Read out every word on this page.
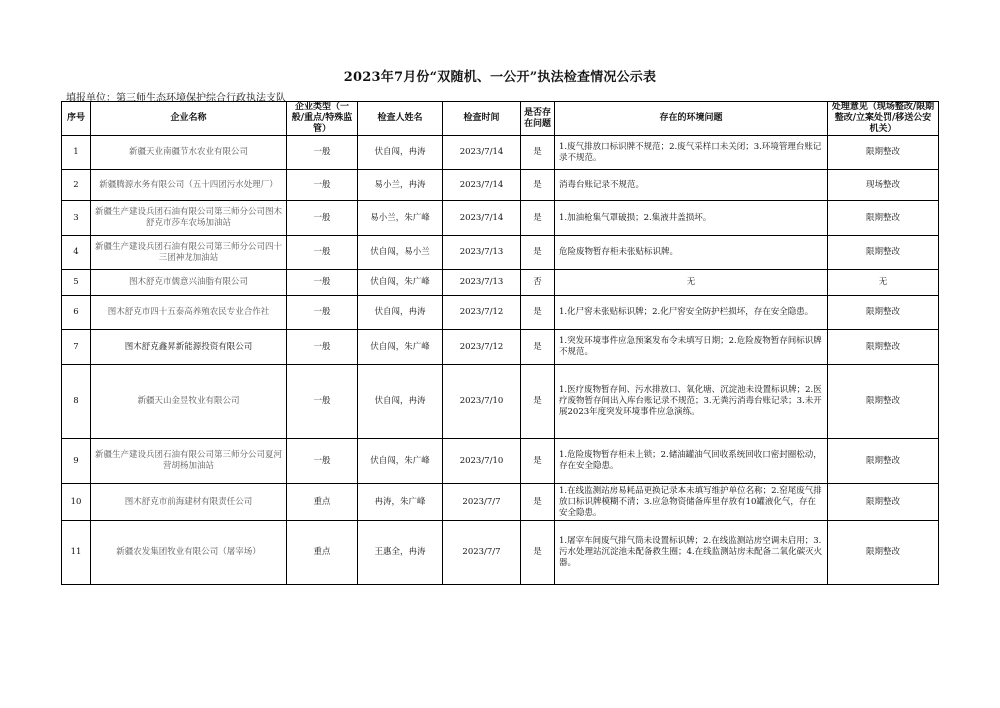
2023年7月份“双随机、一公开”执法检查情况公示表
填报单位：第三师生态环境保护综合行政执法支队
序号	企业名称	企业类型（一般/重点/特殊监管）	检查人姓名	检查时间	是否存在问题	存在的环境问题	处理意见（现场整改/限期整改/立案处罚/移送公安机关）
1	新疆天业南疆节水农业有限公司	一般	伏自闯，冉涛	2023/7/14	是	1.废气排放口标识牌不规范；2.废气采样口未关闭；3.环境管理台账记录不规范。	限期整改
2	新疆腾源水务有限公司（五十四团污水处理厂）	一般	易小兰，冉涛	2023/7/14	是	消毒台账记录不规范。	现场整改
3	新疆生产建设兵团石油有限公司第三师分公司图木舒克市莎车农场加油站	一般	易小兰，朱广峰	2023/7/14	是	1.加油枪集气罩破损；2.集液井盖损坏。	限期整改
4	新疆生产建设兵团石油有限公司第三师分公司四十三团神龙加油站	一般	伏自闯，易小兰	2023/7/13	是	危险废物暂存柜未张贴标识牌。	限期整改
5	图木舒克市儒意兴油脂有限公司	一般	伏自闯，朱广峰	2023/7/13	否	无	无
6	图木舒克市四十五泰高养殖农民专业合作社	一般	伏自闯，冉涛	2023/7/12	是	1.化尸窖未张贴标识牌；2.化尸窖安全防护栏损坏，存在安全隐患。	限期整改
7	图木舒克鑫昇新能源投资有限公司	一般	伏自闯，朱广峰	2023/7/12	是	1.突发环境事件应急预案发布令未填写日期；2.危险废物暂存间标识牌不规范。	限期整改
8	新疆天山金昱牧业有限公司	一般	伏自闯，冉涛	2023/7/10	是	1.医疗废物暂存间、污水排放口、氧化塘、沉淀池未设置标识牌；2.医疗废物暂存间出入库台账记录不规范；3.无粪污消毒台账记录；3.未开展2023年度突发环境事件应急演练。	限期整改
9	新疆生产建设兵团石油有限公司第三师分公司夏河营胡杨加油站	一般	伏自闯，朱广峰	2023/7/10	是	1.危险废物暂存柜未上锁；2.储油罐油气回收系统回收口密封圈松动，存在安全隐患。	限期整改
10	图木舒克市前海建材有限责任公司	重点	冉涛，朱广峰	2023/7/7	是	1.在线监测站房易耗品更换记录本未填写维护单位名称；2.窑尾废气排放口标识牌模糊不清；3.应急物资储备库里存放有10罐液化气，存在安全隐患。	限期整改
11	新疆农发集团牧业有限公司（屠宰场）	重点	王惠全，冉涛	2023/7/7	是	1.屠宰车间废气排气筒未设置标识牌；2.在线监测站房空调未启用；3.污水处理站沉淀池未配备救生圈；4.在线监测站房未配备二氧化碳灭火器。	限期整改
